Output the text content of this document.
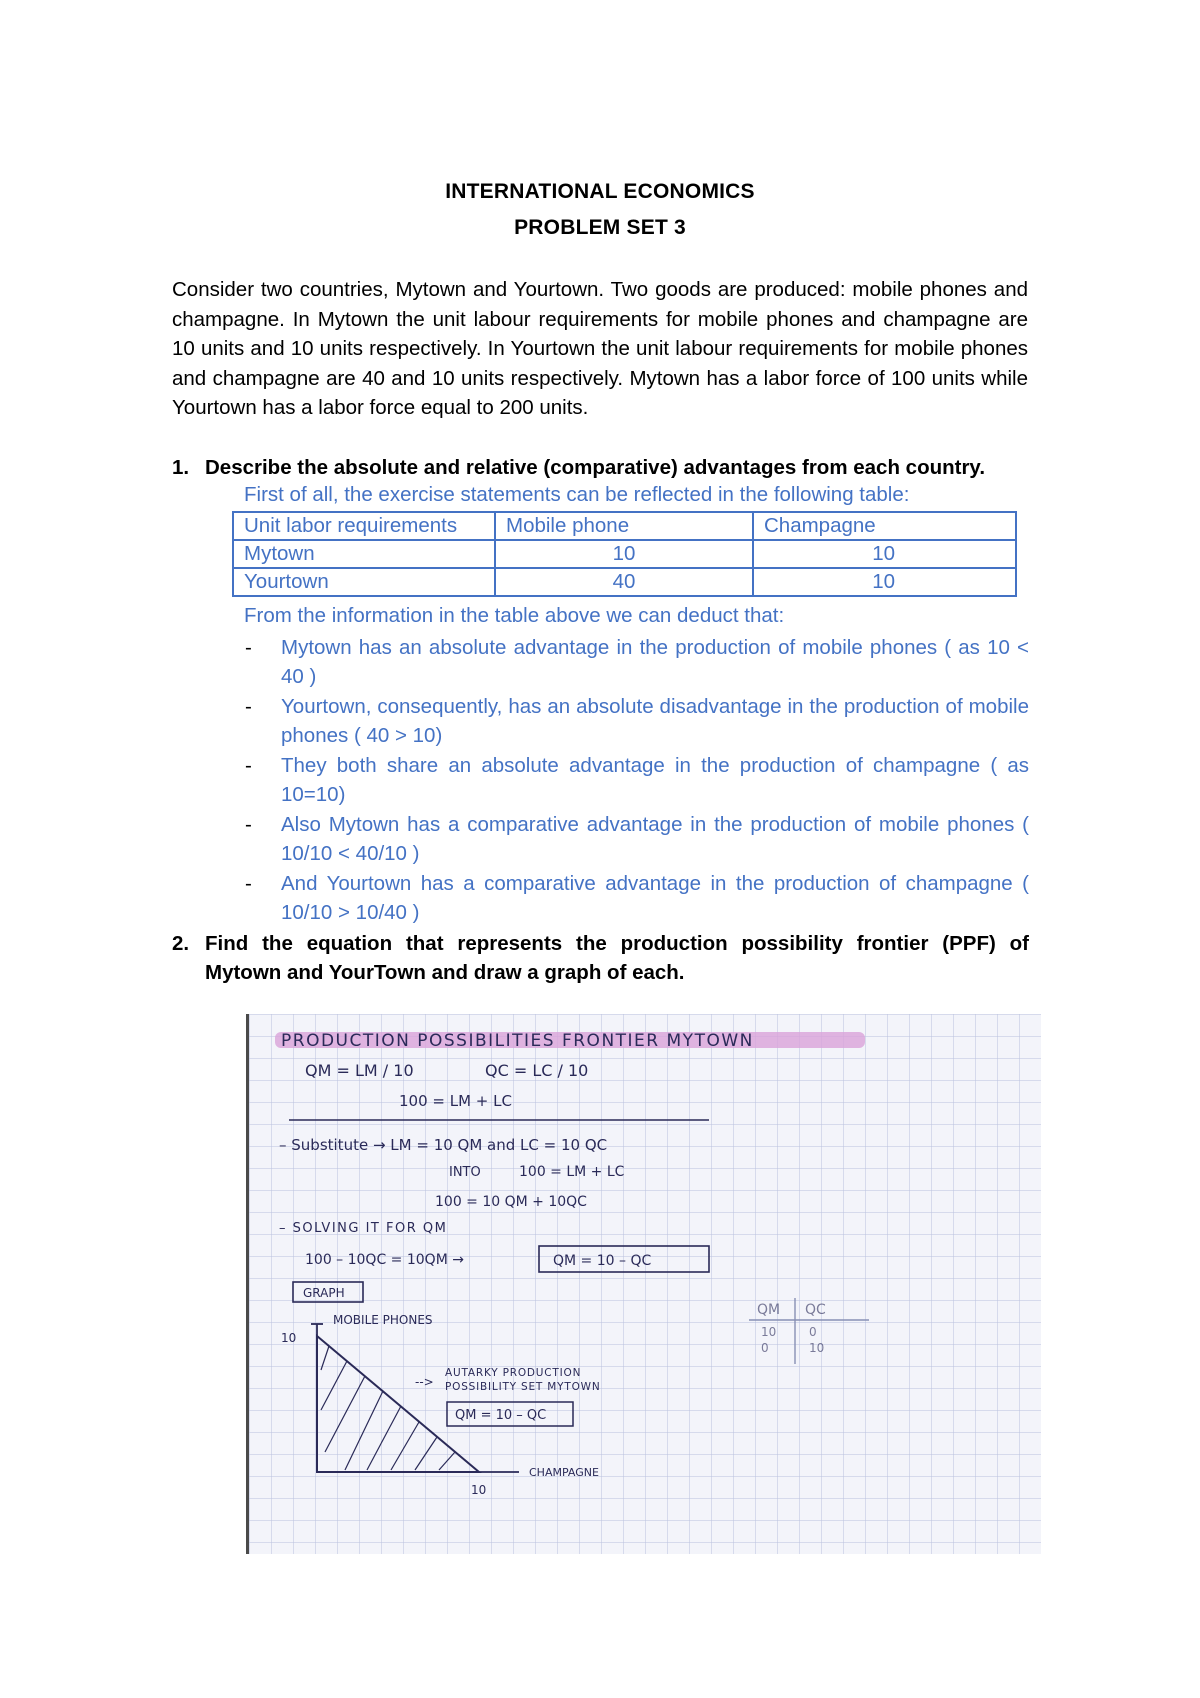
INTERNATIONAL ECONOMICS
PROBLEM SET 3
Consider two countries, Mytown and Yourtown. Two goods are produced: mobile phones and champagne. In Mytown the unit labour requirements for mobile phones and champagne are 10 units and 10 units respectively. In Yourtown the unit labour requirements for mobile phones and champagne are 40 and 10 units respectively. Mytown has a labor force of 100 units while Yourtown has a labor force equal to 200 units.
1. Describe the absolute and relative (comparative) advantages from each country.
First of all, the exercise statements can be reflected in the following table:
Unit labor requirements	Mobile phone	Champagne
Mytown	10	10
Yourtown	40	10
From the information in the table above we can deduct that:
- Mytown has an absolute advantage in the production of mobile phones ( as 10 < 40 )
- Yourtown, consequently, has an absolute disadvantage in the production of mobile phones ( 40 > 10)
- They both share an absolute advantage in the production of champagne ( as 10=10)
- Also Mytown has a comparative advantage in the production of mobile phones ( 10/10 < 40/10 )
- And Yourtown has a comparative advantage in the production of champagne ( 10/10 > 10/40 )
2. Find the equation that represents the production possibility frontier (PPF) of Mytown and YourTown and draw a graph of each.
PRODUCTION POSSIBILITIES FRONTIER MYTOWN
QM = LM / 10	QC = LC / 10
100 = LM + LC
– Substitute → LM = 10 QM and LC = 10 QC
INTO	100 = LM + LC
100 = 10 QM + 10QC
– SOLVING IT FOR QM
100 – 10QC = 10QM →	QM = 10 – QC
GRAPH
MOBILE PHONES
10
10
CHAMPAGNE
-->
AUTARKY PRODUCTION
POSSIBILITY SET MYTOWN
QM = 10 – QC
QM QC
10	0
0	10
